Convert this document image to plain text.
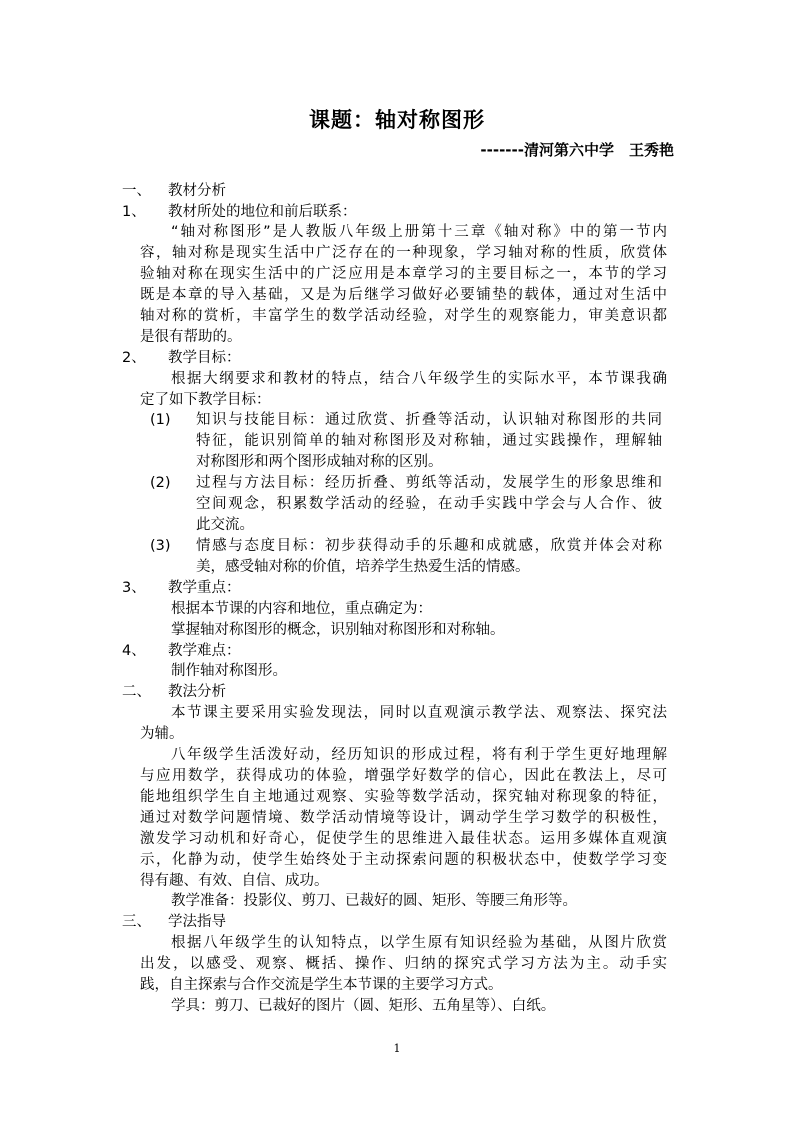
课题：轴对称图形
-------清河第六中学　王秀艳
一、 教材分析
1、 教材所处的地位和前后联系：
“轴对称图形”是人教版八年级上册第十三章《轴对称》中的第一节内
容，轴对称是现实生活中广泛存在的一种现象，学习轴对称的性质，欣赏体
验轴对称在现实生活中的广泛应用是本章学习的主要目标之一，本节的学习
既是本章的导入基础，又是为后继学习做好必要铺垫的载体，通过对生活中
轴对称的赏析，丰富学生的数学活动经验，对学生的观察能力，审美意识都
是很有帮助的。
2、 教学目标：
根据大纲要求和教材的特点，结合八年级学生的实际水平，本节课我确
定了如下教学目标：
(1) 知识与技能目标：通过欣赏、折叠等活动，认识轴对称图形的共同
特征，能识别简单的轴对称图形及对称轴，通过实践操作，理解轴
对称图形和两个图形成轴对称的区别。
(2) 过程与方法目标：经历折叠、剪纸等活动，发展学生的形象思维和
空间观念，积累数学活动的经验，在动手实践中学会与人合作、彼
此交流。
(3) 情感与态度目标：初步获得动手的乐趣和成就感，欣赏并体会对称
美，感受轴对称的价值，培养学生热爱生活的情感。
3、 教学重点：
根据本节课的内容和地位，重点确定为：
掌握轴对称图形的概念，识别轴对称图形和对称轴。
4、 教学难点：
制作轴对称图形。
二、 教法分析
本节课主要采用实验发现法，同时以直观演示教学法、观察法、探究法
为辅。
八年级学生活泼好动，经历知识的形成过程，将有利于学生更好地理解
与应用数学，获得成功的体验，增强学好数学的信心，因此在教法上，尽可
能地组织学生自主地通过观察、实验等数学活动，探究轴对称现象的特征，
通过对数学问题情境、数学活动情境等设计，调动学生学习数学的积极性，
激发学习动机和好奇心，促使学生的思维进入最佳状态。运用多媒体直观演
示，化静为动，使学生始终处于主动探索问题的积极状态中，使数学学习变
得有趣、有效、自信、成功。
教学准备：投影仪、剪刀、已裁好的圆、矩形、等腰三角形等。
三、 学法指导
根据八年级学生的认知特点，以学生原有知识经验为基础，从图片欣赏
出发，以感受、观察、概括、操作、归纳的探究式学习方法为主。动手实
践，自主探索与合作交流是学生本节课的主要学习方式。
学具：剪刀、已裁好的图片（圆、矩形、五角星等）、白纸。
1
